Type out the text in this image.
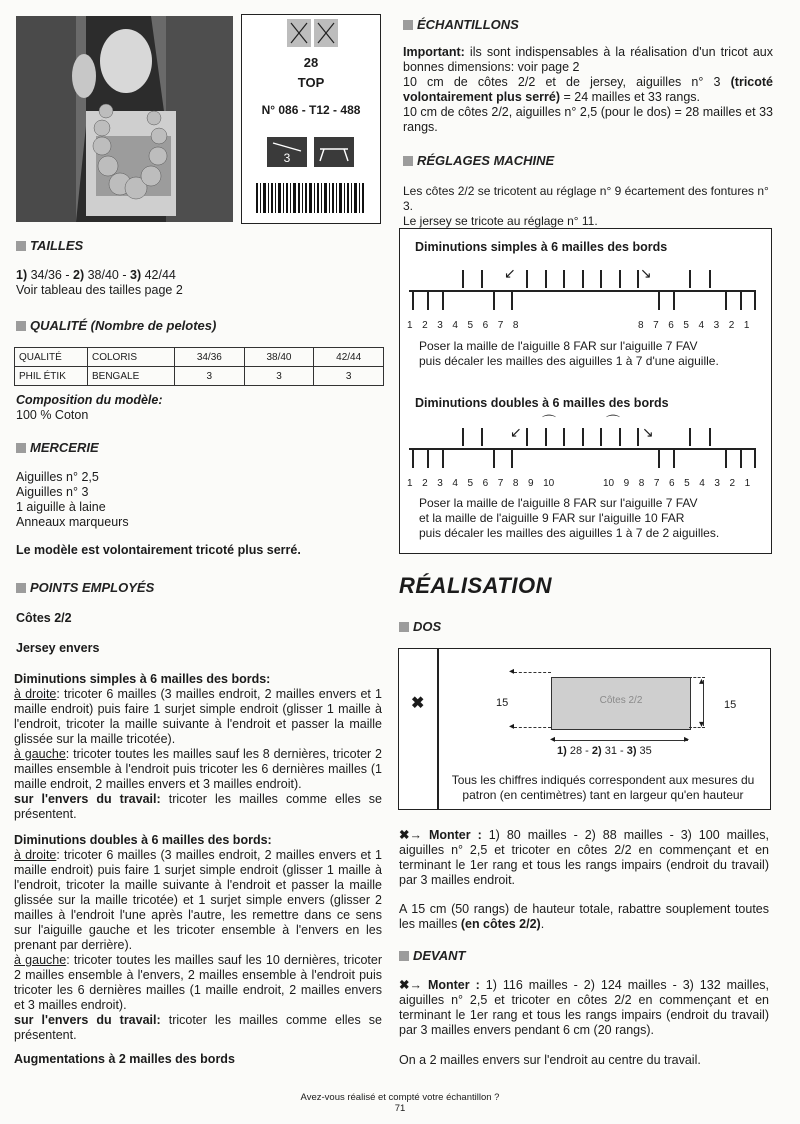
28
TOP
N° 086 - T12 - 488
3
ÉCHANTILLONS
Important: ils sont indispensables à la réalisation d'un tricot aux bonnes dimensions: voir page 2
10 cm de côtes 2/2 et de jersey, aiguilles n° 3 (tricoté volontairement plus serré) = 24 mailles et 33 rangs.
10 cm de côtes 2/2, aiguilles n° 2,5 (pour le dos) = 28 mailles et 33 rangs.
RÉGLAGES MACHINE
Les côtes 2/2 se tricotent au réglage n° 9 écartement des fontures n° 3.
Le jersey se tricote au réglage n° 11.
TAILLES
1) 34/36 - 2) 38/40 - 3) 42/44
Voir tableau des tailles page 2
QUALITÉ (Nombre de pelotes)
QUALITÉ	COLORIS	34/36	38/40	42/44
PHIL ÉTIK	BENGALE	3	3	3
Composition du modèle:
100 % Coton
MERCERIE
Aiguilles n° 2,5
Aiguilles n° 3
1 aiguille à laine
Anneaux marqueurs
Le modèle est volontairement tricoté plus serré.
POINTS EMPLOYÉS
Côtes 2/2
Jersey envers
Diminutions simples à 6 mailles des bords:
à droite: tricoter 6 mailles (3 mailles endroit, 2 mailles envers et 1 maille endroit) puis faire 1 surjet simple endroit (glisser 1 maille à l'endroit, tricoter la maille suivante à l'endroit et passer la maille glissée sur la maille tricotée).
à gauche: tricoter toutes les mailles sauf les 8 dernières, tricoter 2 mailles ensemble à l'endroit puis tricoter les 6 dernières mailles (1 maille endroit, 2 mailles envers et 3 mailles endroit).
sur l'envers du travail: tricoter les mailles comme elles se présentent.
Diminutions doubles à 6 mailles des bords:
à droite: tricoter 6 mailles (3 mailles endroit, 2 mailles envers et 1 maille endroit) puis faire 1 surjet simple endroit (glisser 1 maille à l'endroit, tricoter la maille suivante à l'endroit et passer la maille glissée sur la maille tricotée) et 1 surjet simple envers (glisser 2 mailles à l'endroit l'une après l'autre, les remettre dans ce sens sur l'aiguille gauche et les tricoter ensemble à l'envers en les prenant par derrière).
à gauche: tricoter toutes les mailles sauf les 10 dernières, tricoter 2 mailles ensemble à l'envers, 2 mailles ensemble à l'endroit puis tricoter les 6 dernières mailles (1 maille endroit, 2 mailles envers et 3 mailles endroit).
sur l'envers du travail: tricoter les mailles comme elles se présentent.
Augmentations à 2 mailles des bords
Diminutions simples à 6 mailles des bords
↙	↘
1  2  3  4  5  6  7  8	8  7  6  5  4  3  2  1
Poser la maille de l'aiguille 8 FAR sur l'aiguille 7 FAV
puis décaler les mailles des aiguilles 1 à 7 d'une aiguille.
Diminutions doubles à 6 mailles des bords
↙
⌒	⌒
↘
1  2  3  4  5  6  7  8  9  10	10  9  8  7  6  5  4  3  2  1
Poser la maille de l'aiguille 8 FAR sur l'aiguille 7 FAV
et la maille de l'aiguille 9 FAR sur l'aiguille 10 FAR
puis décaler les mailles des aiguilles 1 à 7 de 2 aiguilles.
RÉALISATION
DOS
✖	Côtes 2/2
◂
◂
▴
▾
◂	▸
15	15
1) 28 - 2) 31 - 3) 35
Tous les chiffres indiqués correspondent aux mesures du patron (en centimètres) tant en largeur qu'en hauteur
✖→ Monter : 1) 80 mailles - 2) 88 mailles - 3) 100 mailles, aiguilles n° 2,5 et tricoter en côtes 2/2 en commençant et en terminant le 1er rang et tous les rangs impairs (endroit du travail) par 3 mailles endroit.
A 15 cm (50 rangs) de hauteur totale, rabattre souplement toutes les mailles (en côtes 2/2).
DEVANT
✖→ Monter : 1) 116 mailles - 2) 124 mailles - 3) 132 mailles, aiguilles n° 2,5 et tricoter en côtes 2/2 en commençant et en terminant le 1er rang et tous les rangs impairs (endroit du travail) par 3 mailles envers pendant 6 cm (20 rangs).
On a 2 mailles envers sur l'endroit au centre du travail.
Avez-vous réalisé et compté votre échantillon ?
71
